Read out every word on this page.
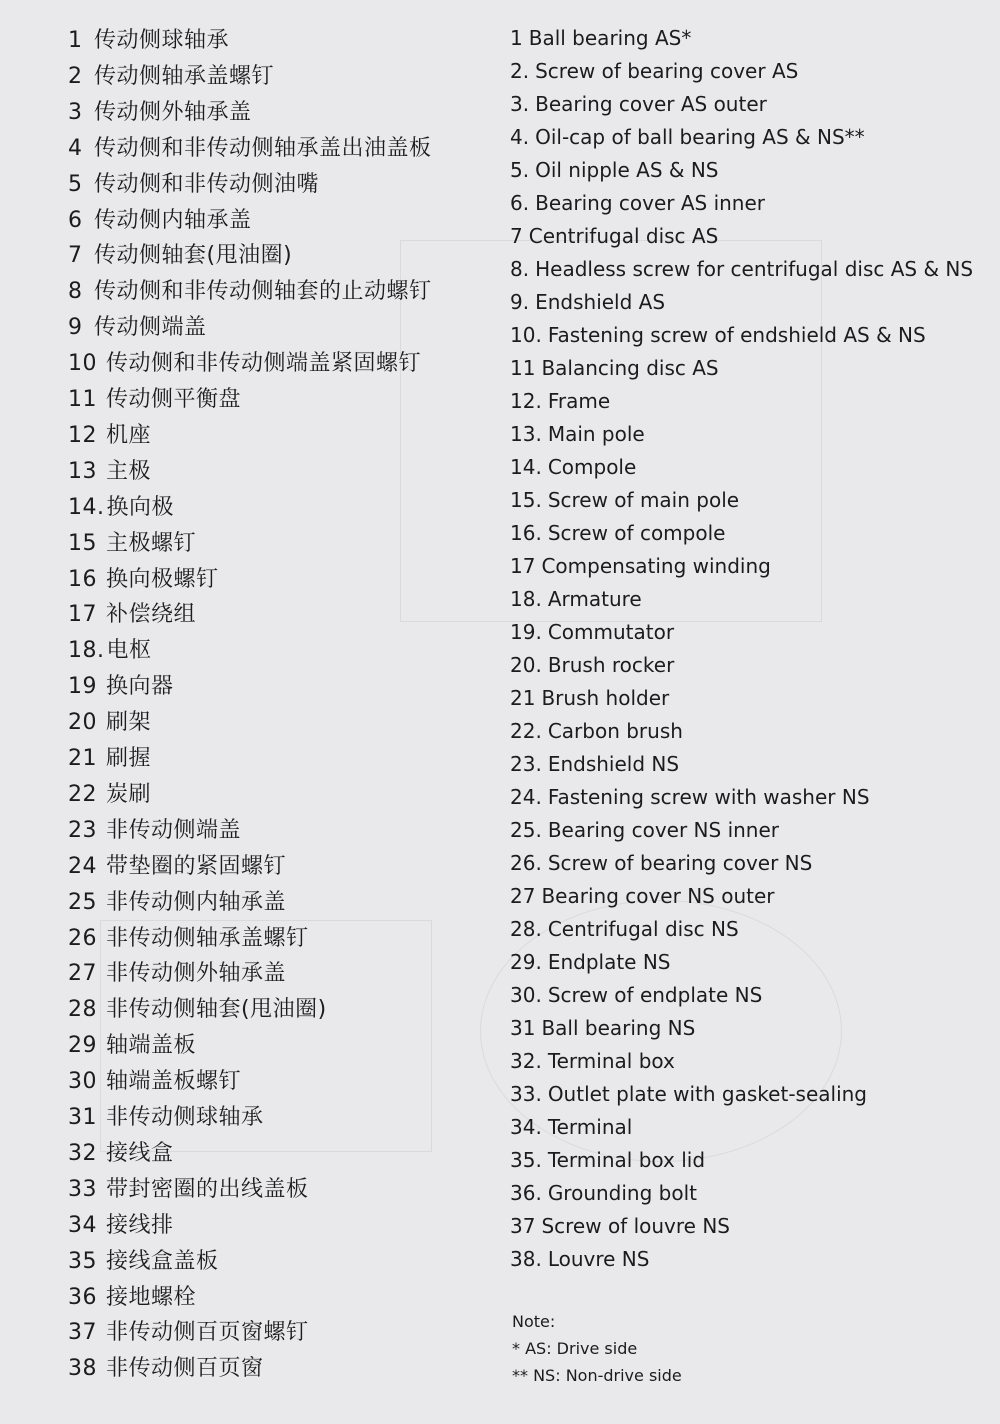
1 传动侧球轴承
2 传动侧轴承盖螺钉
3 传动侧外轴承盖
4 传动侧和非传动侧轴承盖出油盖板
5 传动侧和非传动侧油嘴
6 传动侧内轴承盖
7 传动侧轴套(甩油圈)
8 传动侧和非传动侧轴套的止动螺钉
9 传动侧端盖
10 传动侧和非传动侧端盖紧固螺钉
11 传动侧平衡盘
12 机座
13 主极
14.换向极
15 主极螺钉
16 换向极螺钉
17 补偿绕组
18.电枢
19 换向器
20 刷架
21 刷握
22 炭刷
23 非传动侧端盖
24 带垫圈的紧固螺钉
25 非传动侧内轴承盖
26 非传动侧轴承盖螺钉
27 非传动侧外轴承盖
28 非传动侧轴套(甩油圈)
29 轴端盖板
30 轴端盖板螺钉
31 非传动侧球轴承
32 接线盒
33 带封密圈的出线盖板
34 接线排
35 接线盒盖板
36 接地螺栓
37 非传动侧百页窗螺钉
38 非传动侧百页窗
1 Ball bearing AS*
2. Screw of bearing cover AS
3. Bearing cover AS outer
4. Oil-cap of ball bearing AS & NS**
5. Oil nipple AS & NS
6. Bearing cover AS inner
7 Centrifugal disc AS
8. Headless screw for centrifugal disc AS & NS
9. Endshield AS
10. Fastening screw of endshield AS & NS
11 Balancing disc AS
12. Frame
13. Main pole
14. Compole
15. Screw of main pole
16. Screw of compole
17 Compensating winding
18. Armature
19. Commutator
20. Brush rocker
21 Brush holder
22. Carbon brush
23. Endshield NS
24. Fastening screw with washer NS
25. Bearing cover NS inner
26. Screw of bearing cover NS
27 Bearing cover NS outer
28. Centrifugal disc NS
29. Endplate NS
30. Screw of endplate NS
31 Ball bearing NS
32. Terminal box
33. Outlet plate with gasket-sealing
34. Terminal
35. Terminal box lid
36. Grounding bolt
37 Screw of louvre NS
38. Louvre NS
Note:
* AS: Drive side
** NS: Non-drive side
